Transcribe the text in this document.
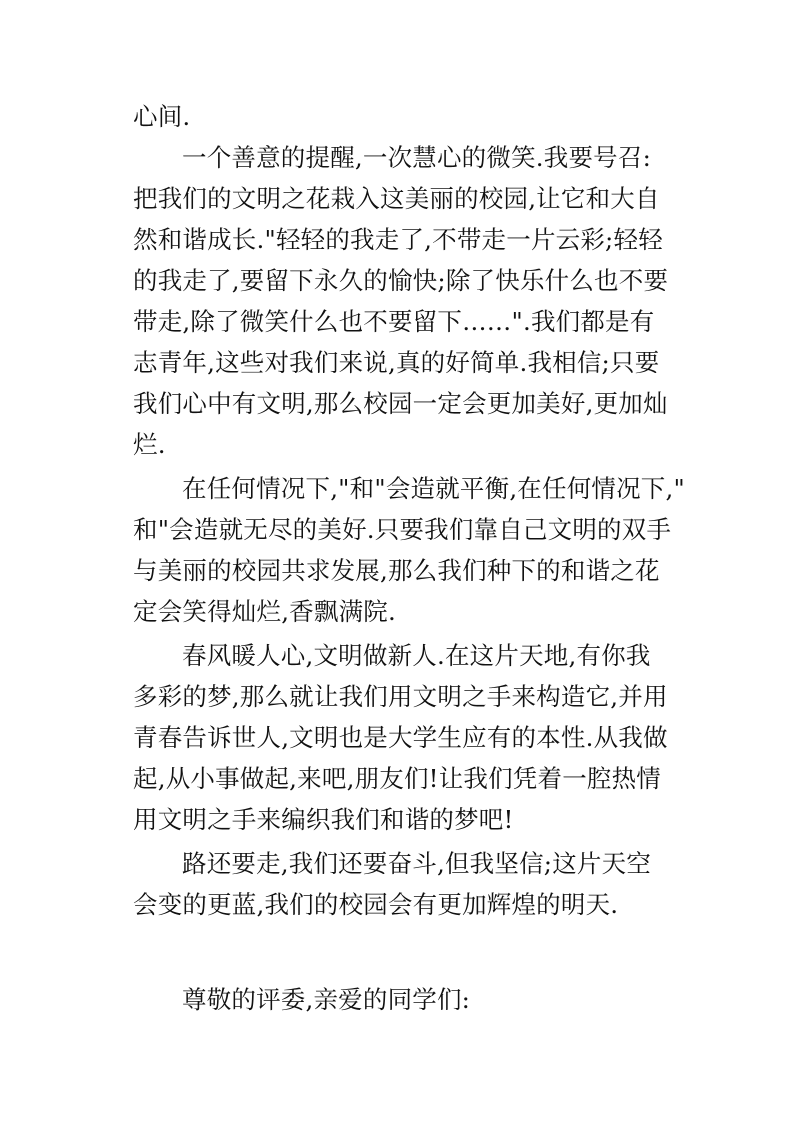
心间.

一个善意的提醒,一次慧心的微笑.我要号召:

把我们的文明之花栽入这美丽的校园,让它和大自

然和谐成长."轻轻的我走了,不带走一片云彩;轻轻

的我走了,要留下永久的愉快;除了快乐什么也不要

带走,除了微笑什么也不要留下……".我们都是有

志青年,这些对我们来说,真的好简单.我相信;只要

我们心中有文明,那么校园一定会更加美好,更加灿

烂.

在任何情况下,"和"会造就平衡,在任何情况下,"

和"会造就无尽的美好.只要我们靠自己文明的双手

与美丽的校园共求发展,那么我们种下的和谐之花

定会笑得灿烂,香飘满院.

春风暖人心,文明做新人.在这片天地,有你我

多彩的梦,那么就让我们用文明之手来构造它,并用

青春告诉世人,文明也是大学生应有的本性.从我做

起,从小事做起,来吧,朋友们!让我们凭着一腔热情

用文明之手来编织我们和谐的梦吧!

路还要走,我们还要奋斗,但我坚信;这片天空

会变的更蓝,我们的校园会有更加辉煌的明天.

尊敬的评委,亲爱的同学们:
